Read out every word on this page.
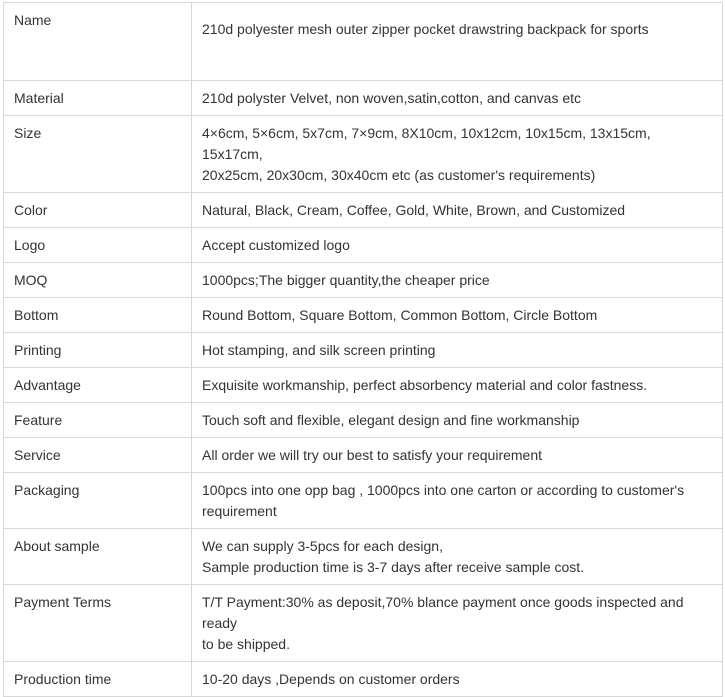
Name	210d polyester mesh outer zipper pocket drawstring backpack for sports
Material	210d polyster Velvet, non woven,satin,cotton, and canvas etc
Size	4×6cm, 5×6cm, 5x7cm, 7×9cm, 8X10cm, 10x12cm, 10x15cm, 13x15cm, 15x17cm,
20x25cm, 20x30cm, 30x40cm etc (as customer's requirements)

Color	Natural, Black, Cream, Coffee, Gold, White, Brown, and Customized
Logo	Accept customized logo
MOQ	1000pcs;The bigger quantity,the cheaper price
Bottom	Round Bottom, Square Bottom, Common Bottom, Circle Bottom
Printing	Hot stamping, and silk screen printing
Advantage	Exquisite workmanship, perfect absorbency material and color fastness.
Feature	Touch soft and flexible, elegant design and fine workmanship
Service	All order we will try our best to satisfy your requirement
Packaging	100pcs into one opp bag , 1000pcs into one carton or according to customer's
requirement

About sample	We can supply 3-5pcs for each design,
Sample production time is 3-7 days after receive sample cost.

Payment Terms	T/T Payment:30% as deposit,70% blance payment once goods inspected and ready
to be shipped.

Production time	10-20 days ,Depends on customer orders
